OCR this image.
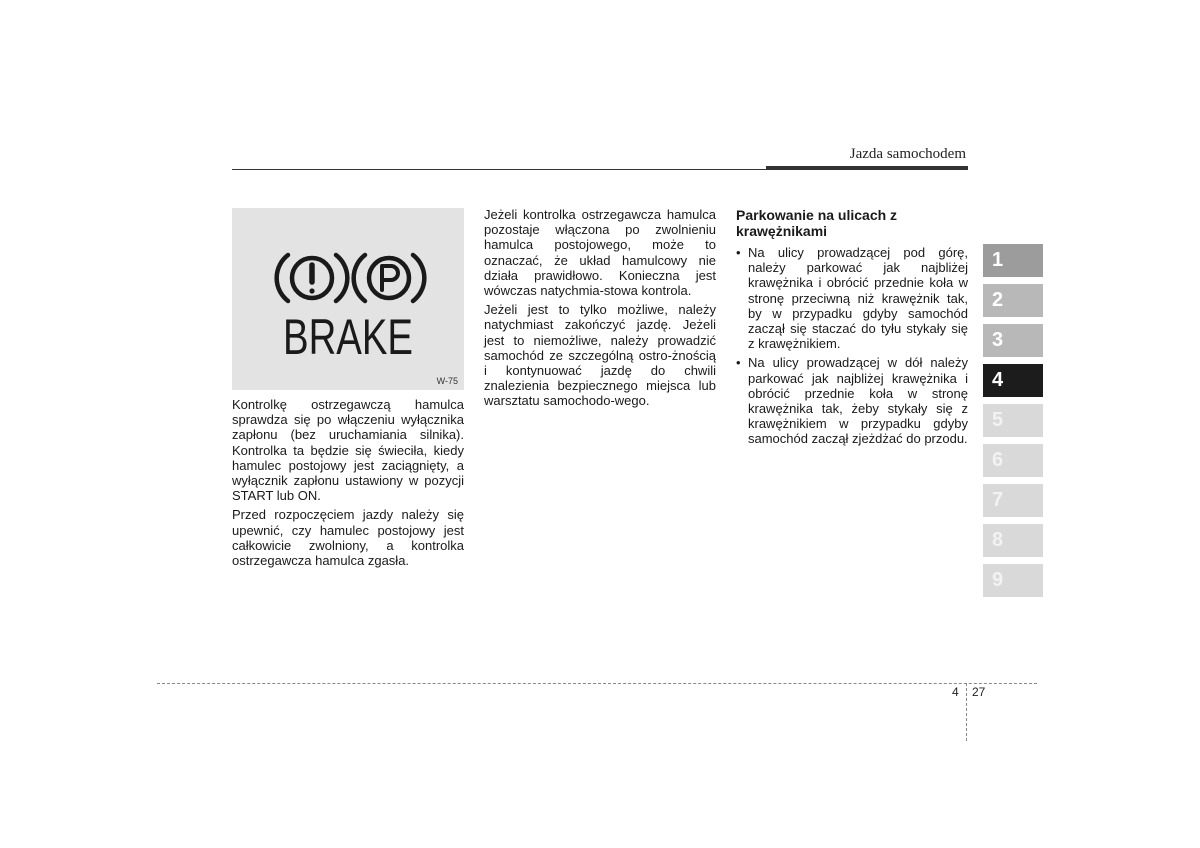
Jazda samochodem
BRAKE
W-75

Kontrolkę ostrzegawczą hamulca sprawdza się po włączeniu wyłącznika zapłonu (bez uruchamiania silnika). Kontrolka ta będzie się świeciła, kiedy hamulec postojowy jest zaciągnięty, a wyłącznik zapłonu ustawiony w pozycji START lub ON.

Przed rozpoczęciem jazdy należy się upewnić, czy hamulec postojowy jest całkowicie zwolniony, a kontrolka ostrzegawcza hamulca zgasła.

Jeżeli kontrolka ostrzegawcza hamulca pozostaje włączona po zwolnieniu hamulca postojowego, może to oznaczać, że układ hamulcowy nie działa prawidłowo. Konieczna jest wówczas natychmia-stowa kontrola.

Jeżeli jest to tylko możliwe, należy natychmiast zakończyć jazdę. Jeżeli jest to niemożliwe, należy prowadzić samochód ze szczególną ostro-żnością i kontynuować jazdę do chwili znalezienia bezpiecznego miejsca lub warsztatu samochodo-wego.

Parkowanie na ulicach z krawężnikami
• Na ulicy prowadzącej pod górę, należy parkować jak najbliżej krawężnika i obrócić przednie koła w stronę przeciwną niż krawężnik tak, by w przypadku gdyby samochód zaczął się staczać do tyłu stykały się z krawężnikiem.
• Na ulicy prowadzącej w dół należy parkować jak najbliżej krawężnika i obrócić przednie koła w stronę krawężnika tak, żeby stykały się z krawężnikiem w przypadku gdyby samochód zaczął zjeżdżać do przodu.
1
2
3
4
5
6
7
8
9
4 27
